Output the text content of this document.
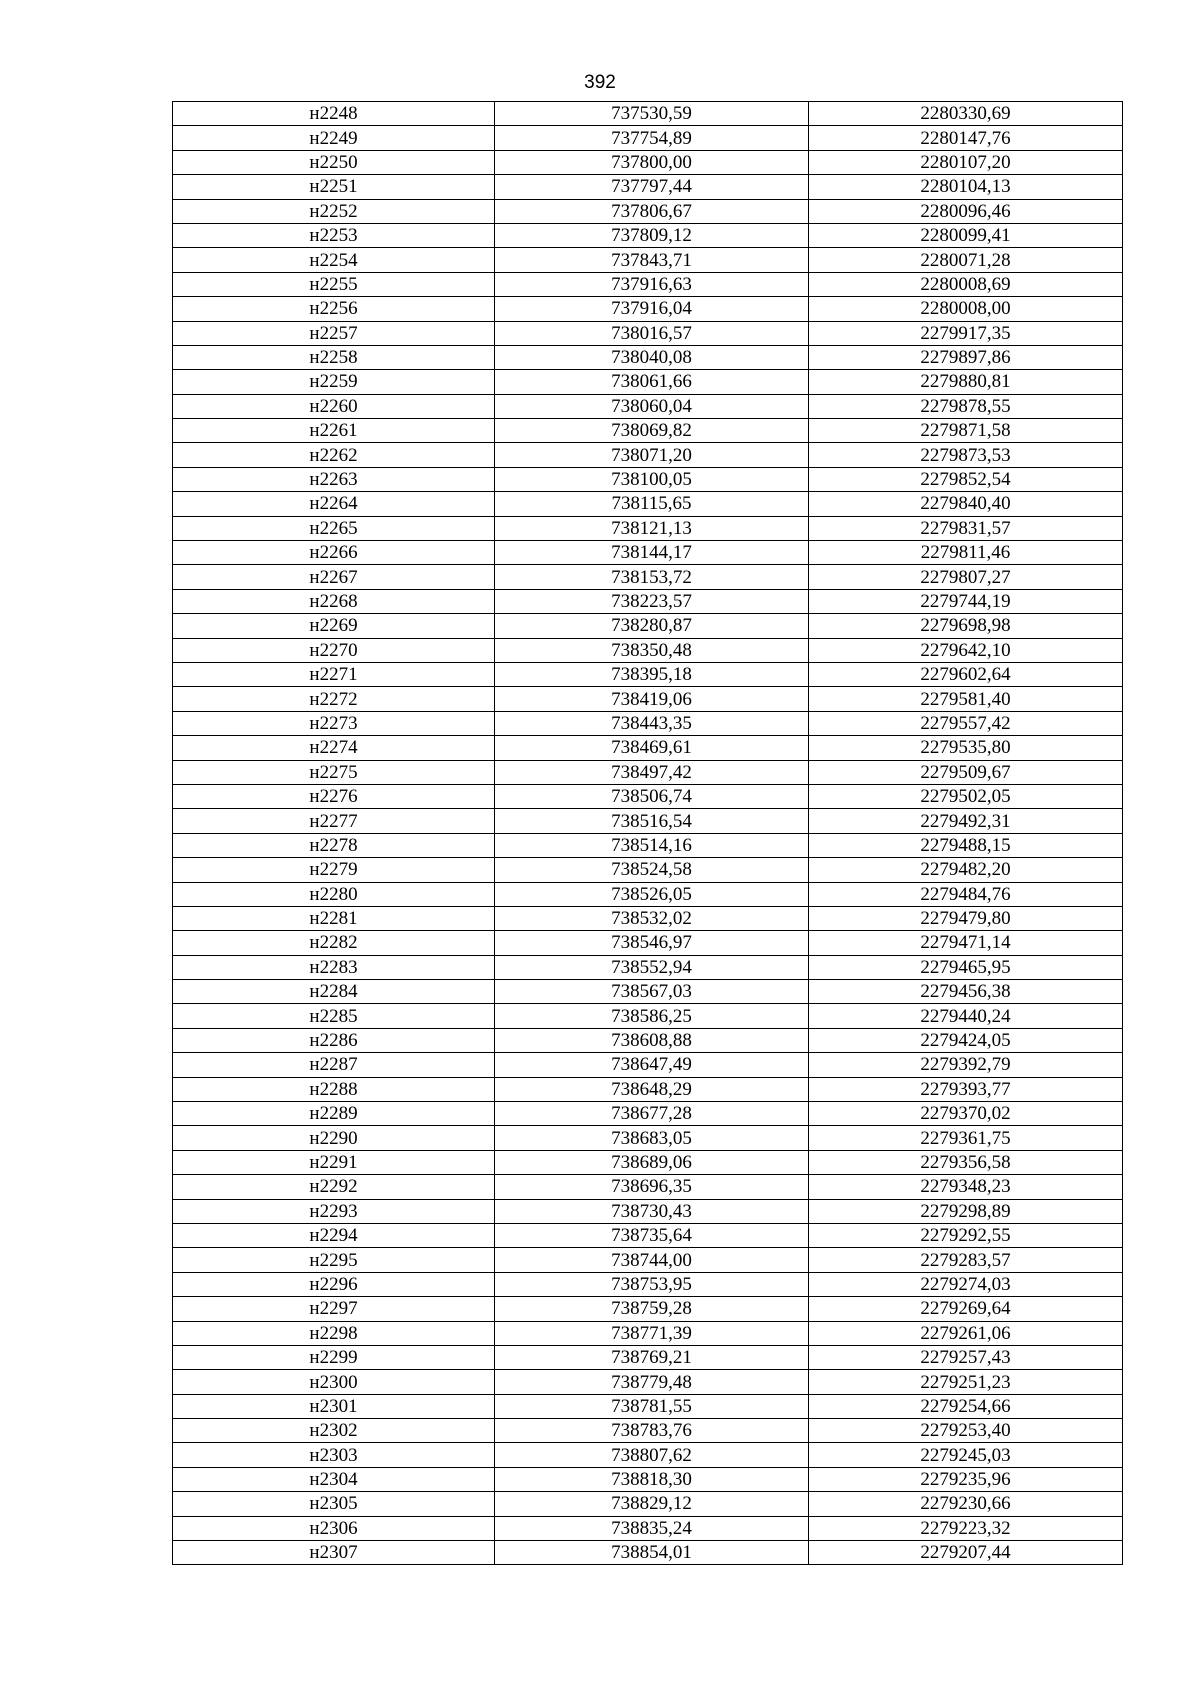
392
н2248	737530,59	2280330,69
н2249	737754,89	2280147,76
н2250	737800,00	2280107,20
н2251	737797,44	2280104,13
н2252	737806,67	2280096,46
н2253	737809,12	2280099,41
н2254	737843,71	2280071,28
н2255	737916,63	2280008,69
н2256	737916,04	2280008,00
н2257	738016,57	2279917,35
н2258	738040,08	2279897,86
н2259	738061,66	2279880,81
н2260	738060,04	2279878,55
н2261	738069,82	2279871,58
н2262	738071,20	2279873,53
н2263	738100,05	2279852,54
н2264	738115,65	2279840,40
н2265	738121,13	2279831,57
н2266	738144,17	2279811,46
н2267	738153,72	2279807,27
н2268	738223,57	2279744,19
н2269	738280,87	2279698,98
н2270	738350,48	2279642,10
н2271	738395,18	2279602,64
н2272	738419,06	2279581,40
н2273	738443,35	2279557,42
н2274	738469,61	2279535,80
н2275	738497,42	2279509,67
н2276	738506,74	2279502,05
н2277	738516,54	2279492,31
н2278	738514,16	2279488,15
н2279	738524,58	2279482,20
н2280	738526,05	2279484,76
н2281	738532,02	2279479,80
н2282	738546,97	2279471,14
н2283	738552,94	2279465,95
н2284	738567,03	2279456,38
н2285	738586,25	2279440,24
н2286	738608,88	2279424,05
н2287	738647,49	2279392,79
н2288	738648,29	2279393,77
н2289	738677,28	2279370,02
н2290	738683,05	2279361,75
н2291	738689,06	2279356,58
н2292	738696,35	2279348,23
н2293	738730,43	2279298,89
н2294	738735,64	2279292,55
н2295	738744,00	2279283,57
н2296	738753,95	2279274,03
н2297	738759,28	2279269,64
н2298	738771,39	2279261,06
н2299	738769,21	2279257,43
н2300	738779,48	2279251,23
н2301	738781,55	2279254,66
н2302	738783,76	2279253,40
н2303	738807,62	2279245,03
н2304	738818,30	2279235,96
н2305	738829,12	2279230,66
н2306	738835,24	2279223,32
н2307	738854,01	2279207,44
